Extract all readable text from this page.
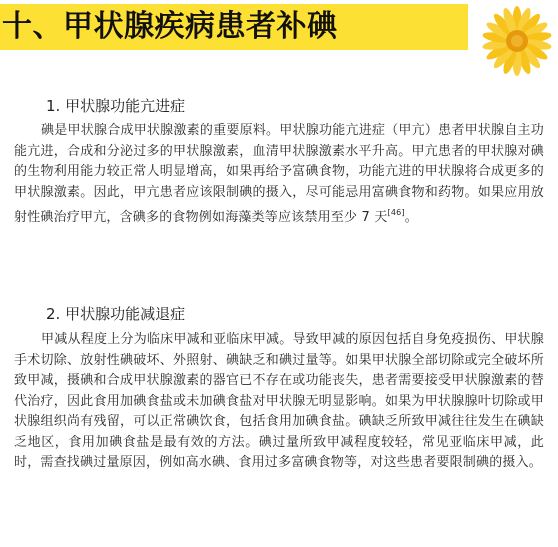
十、甲状腺疾病患者补碘
1. 甲状腺功能亢进症
碘是甲状腺合成甲状腺激素的重要原料。甲状腺功能亢进症（甲亢）患者甲状腺自主功能亢进，合成和分泌过多的甲状腺激素，血清甲状腺激素水平升高。甲亢患者的甲状腺对碘的生物利用能力较正常人明显增高，如果再给予富碘食物，功能亢进的甲状腺将合成更多的甲状腺激素。因此，甲亢患者应该限制碘的摄入，尽可能忌用富碘食物和药物。如果应用放射性碘治疗甲亢，含碘多的食物例如海藻类等应该禁用至少 7 天[46]。
2. 甲状腺功能减退症
甲减从程度上分为临床甲减和亚临床甲减。导致甲减的原因包括自身免疫损伤、甲状腺手术切除、放射性碘破坏、外照射、碘缺乏和碘过量等。如果甲状腺全部切除或完全破坏所致甲减，摄碘和合成甲状腺激素的器官已不存在或功能丧失，患者需要接受甲状腺激素的替代治疗，因此食用加碘食盐或未加碘食盐对甲状腺无明显影响。如果为甲状腺腺叶切除或甲状腺组织尚有残留，可以正常碘饮食，包括食用加碘食盐。碘缺乏所致甲减往往发生在碘缺乏地区，食用加碘食盐是最有效的方法。碘过量所致甲减程度较轻，常见亚临床甲减，此时，需查找碘过量原因，例如高水碘、食用过多富碘食物等，对这些患者要限制碘的摄入。
